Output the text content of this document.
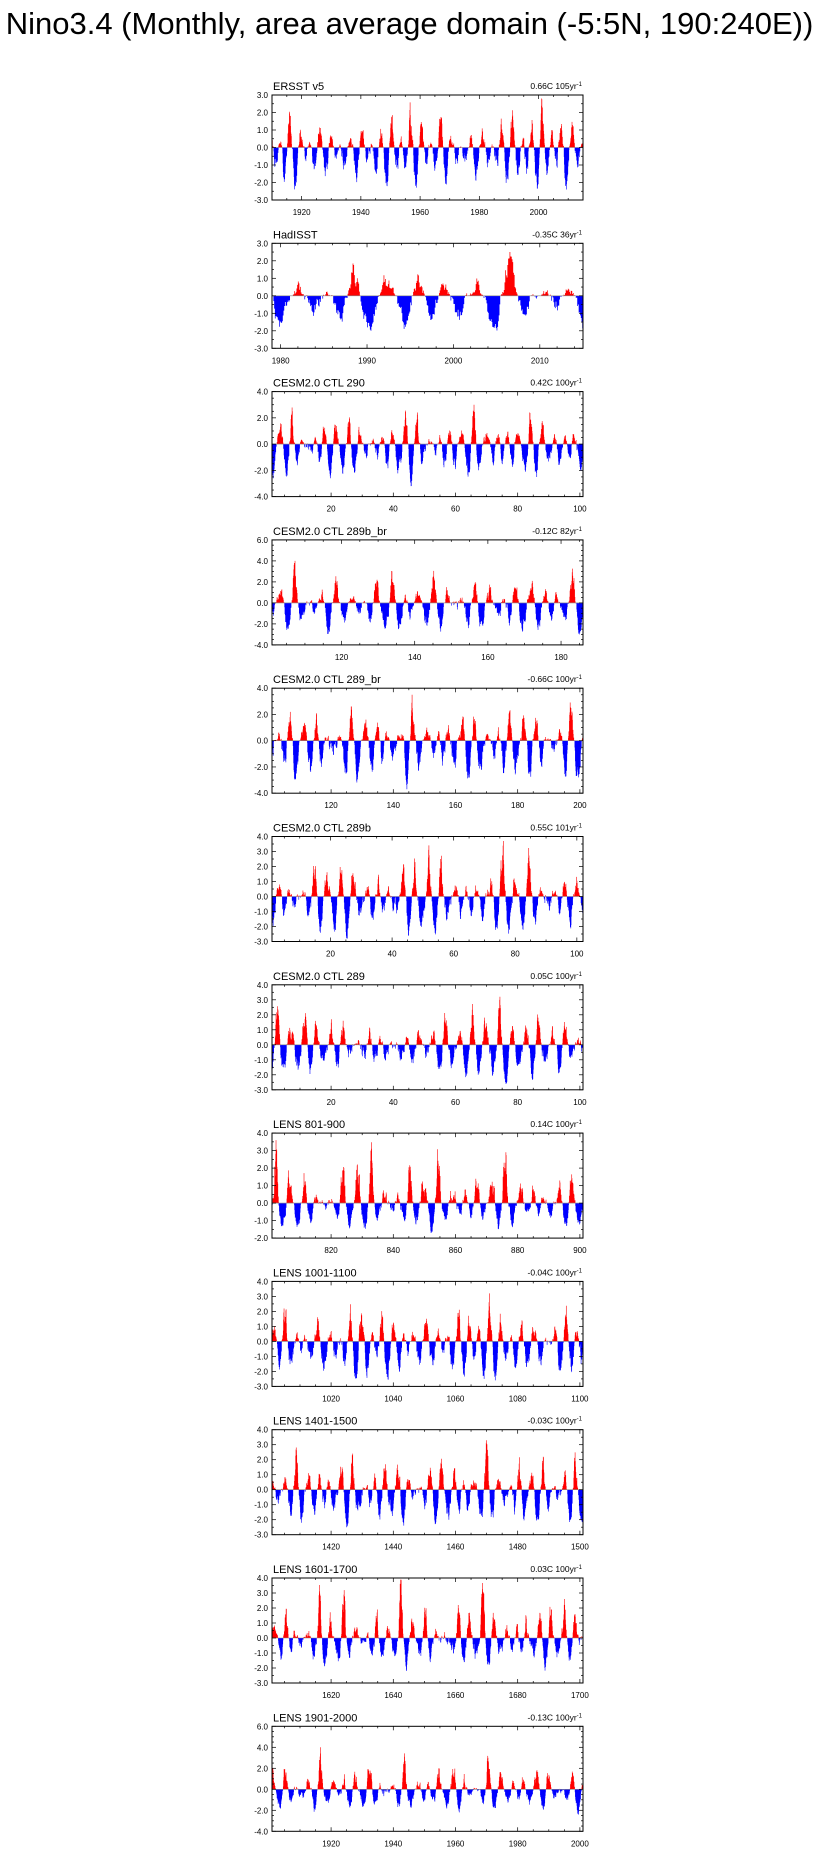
Nino3.4 (Monthly, area average domain (-5:5N, 190:240E))
ERSST v5	0.66C $105yr^{-1}$
-3.0
-2.0
-1.0
0.0
1.0
2.0
3.0
1920	1940	1960	1980	2000
HadISST	-0.35C $36yr^{-1}$
-3.0
-2.0
-1.0
0.0
1.0
2.0
3.0
1980	1990	2000	2010
CESM2.0 CTL 290	0.42C $100yr^{-1}$
-4.0
-2.0
0.0
2.0
4.0
20	40	60	80	100
CESM2.0 CTL 289b_br	-0.12C $82yr^{-1}$
-4.0
-2.0
0.0
2.0
4.0
6.0
120	140	160	180
CESM2.0 CTL 289_br	-0.66C $100yr^{-1}$
-4.0
-2.0
0.0
2.0
4.0
120	140	160	180	200
CESM2.0 CTL 289b	0.55C $101yr^{-1}$
-3.0
-2.0
-1.0
0.0
1.0
2.0
3.0
4.0
20	40	60	80	100
CESM2.0 CTL 289	0.05C $100yr^{-1}$
-3.0
-2.0
-1.0
0.0
1.0
2.0
3.0
4.0
20	40	60	80	100
LENS 801-900	0.14C $100yr^{-1}$
-2.0
-1.0
0.0
1.0
2.0
3.0
4.0
820	840	860	880	900
LENS 1001-1100	-0.04C $100yr^{-1}$
-3.0
-2.0
-1.0
0.0
1.0
2.0
3.0
4.0
1020	1040	1060	1080	1100
LENS 1401-1500	-0.03C $100yr^{-1}$
-3.0
-2.0
-1.0
0.0
1.0
2.0
3.0
4.0
1420	1440	1460	1480	1500
LENS 1601-1700	0.03C $100yr^{-1}$
-3.0
-2.0
-1.0
0.0
1.0
2.0
3.0
4.0
1620	1640	1660	1680	1700
LENS 1901-2000	-0.13C $100yr^{-1}$
-4.0
-2.0
0.0
2.0
4.0
6.0
1920	1940	1960	1980	2000
